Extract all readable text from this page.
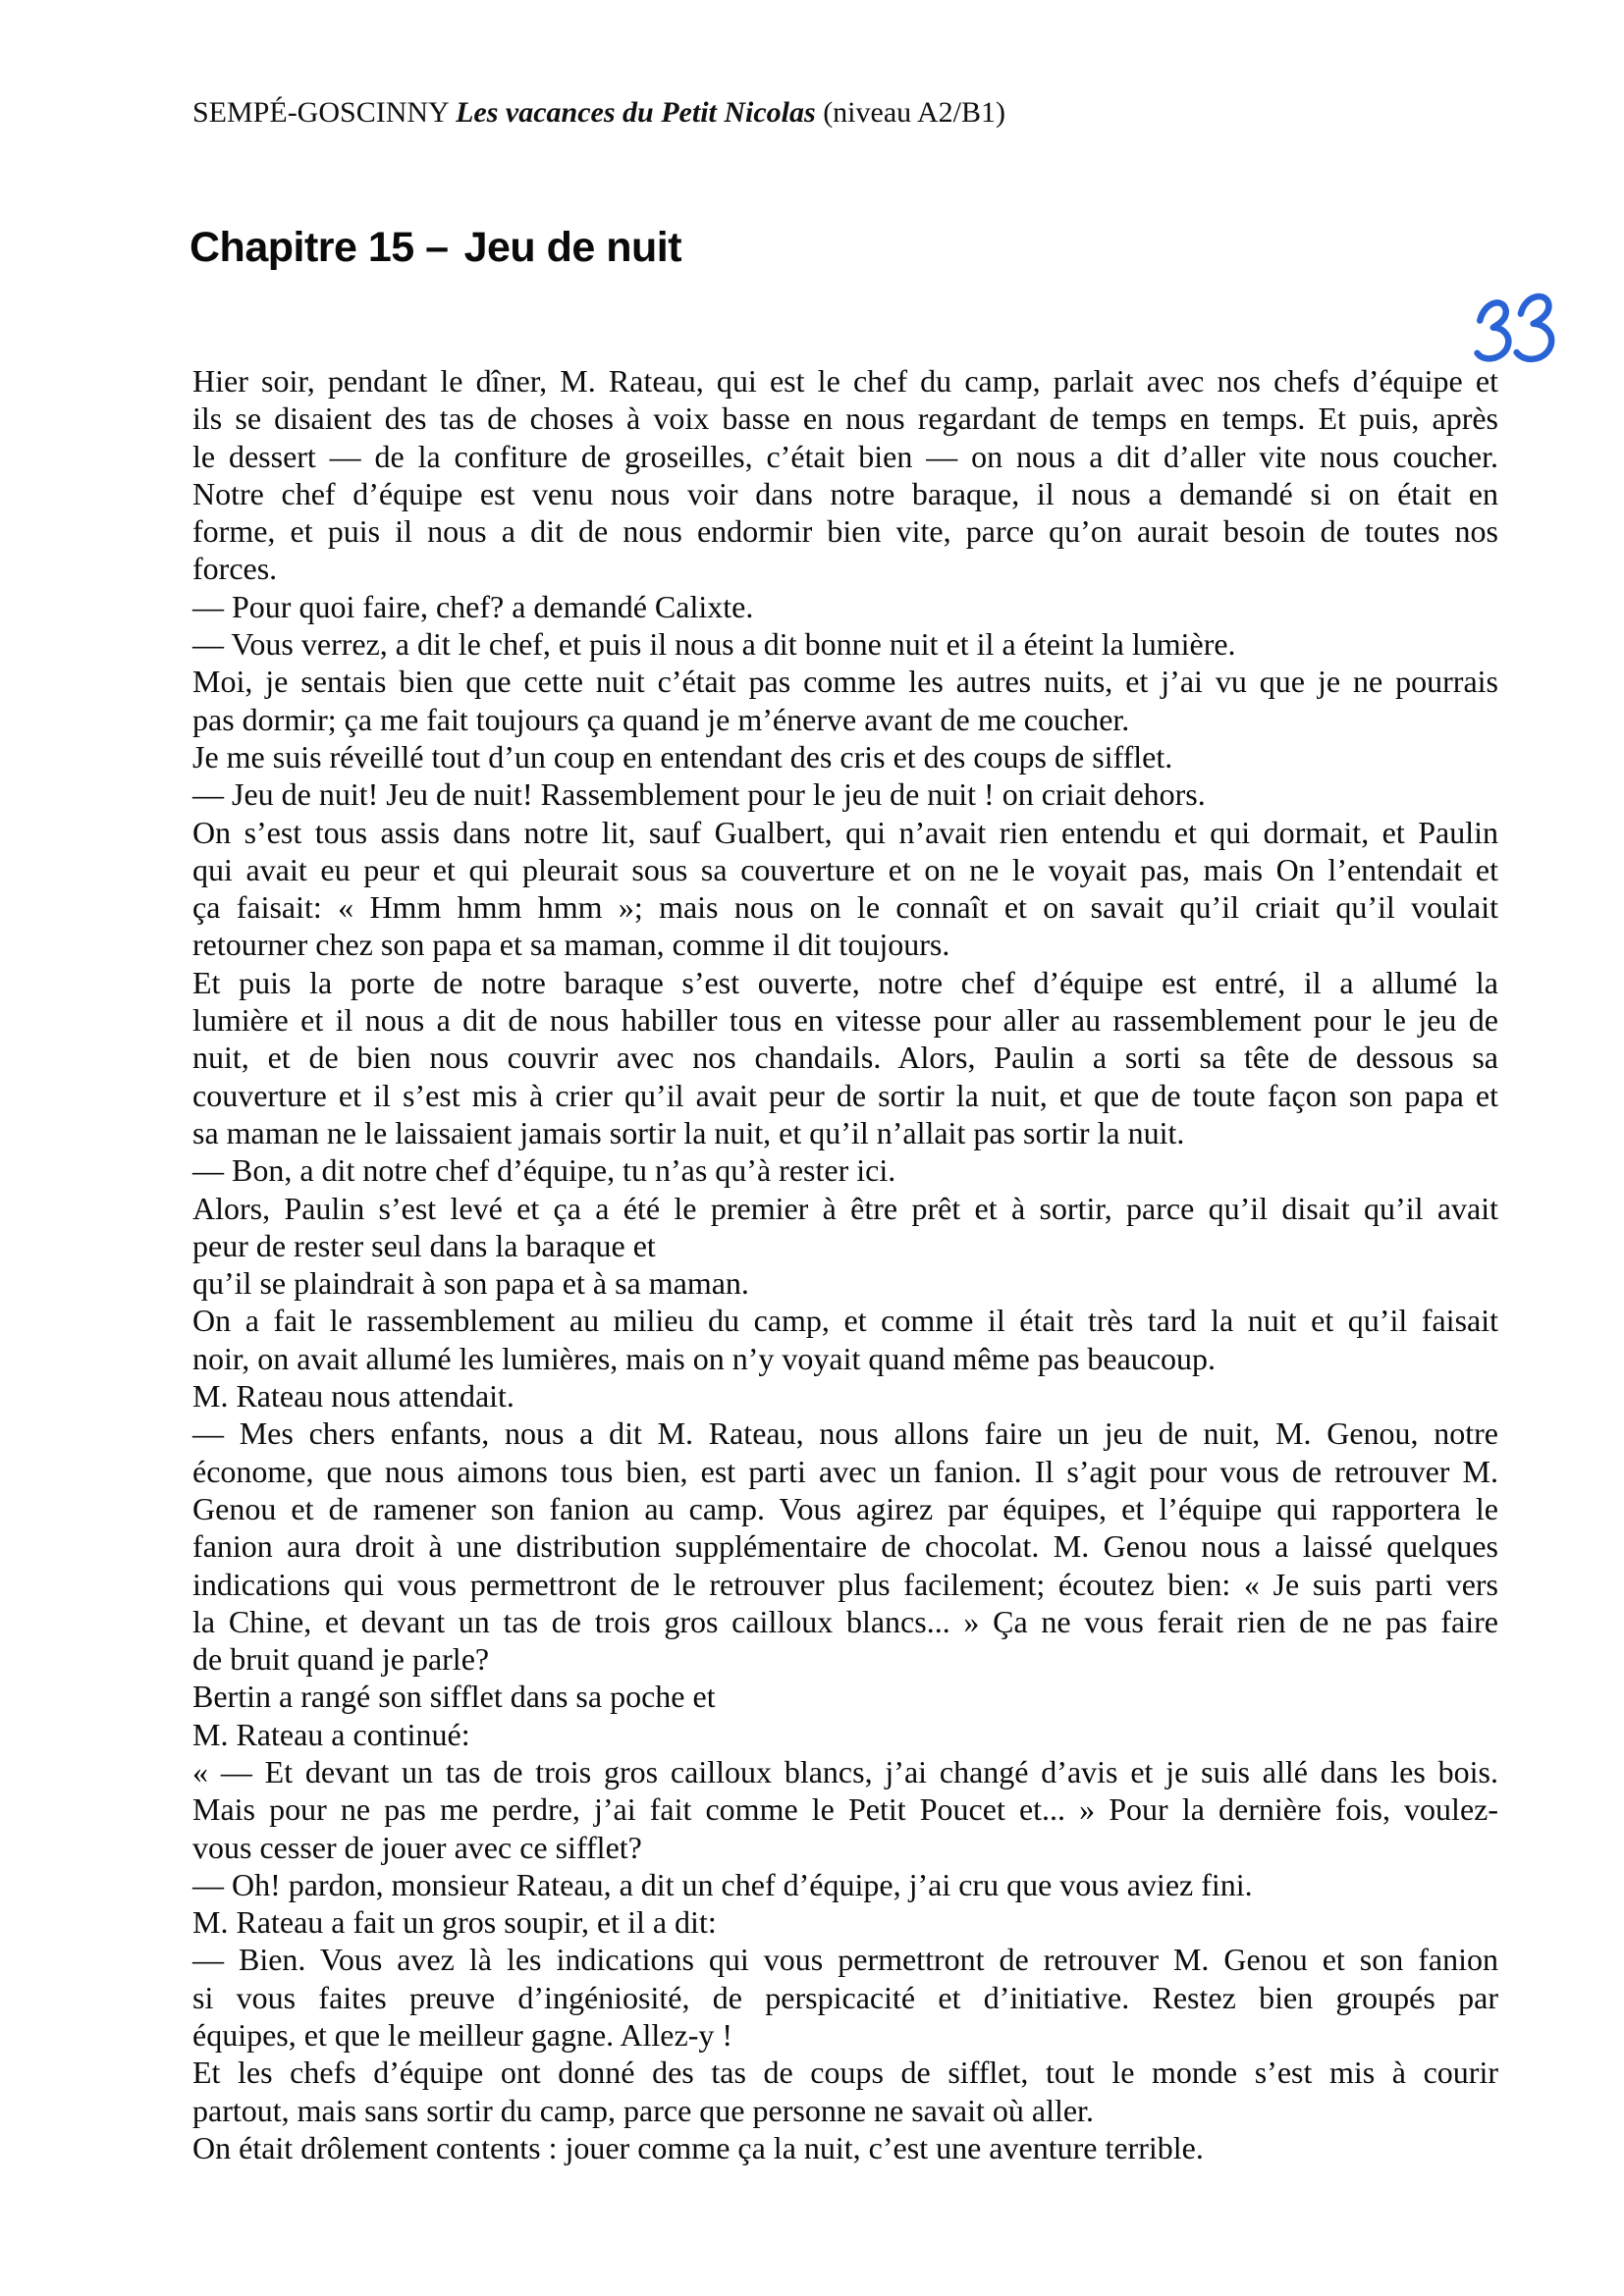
SEMPÉ-GOSCINNY Les vacances du Petit Nicolas (niveau A2/B1)
Chapitre 15 – Jeu de nuit
Hier soir, pendant le dîner, M. Rateau, qui est le chef du camp, parlait avec nos chefs d’équipe et
ils se disaient des tas de choses à voix basse en nous regardant de temps en temps. Et puis, après
le dessert — de la confiture de groseilles, c’était bien — on nous a dit d’aller vite nous coucher.
Notre chef d’équipe est venu nous voir dans notre baraque, il nous a demandé si on était en
forme, et puis il nous a dit de nous endormir bien vite, parce qu’on aurait besoin de toutes nos
forces.
— Pour quoi faire, chef? a demandé Calixte.
— Vous verrez, a dit le chef, et puis il nous a dit bonne nuit et il a éteint la lumière.
Moi, je sentais bien que cette nuit c’était pas comme les autres nuits, et j’ai vu que je ne pourrais
pas dormir; ça me fait toujours ça quand je m’énerve avant de me coucher.
Je me suis réveillé tout d’un coup en entendant des cris et des coups de sifflet.
— Jeu de nuit! Jeu de nuit! Rassemblement pour le jeu de nuit ! on criait dehors.
On s’est tous assis dans notre lit, sauf Gualbert, qui n’avait rien entendu et qui dormait, et Paulin
qui avait eu peur et qui pleurait sous sa couverture et on ne le voyait pas, mais On l’entendait et
ça faisait: « Hmm hmm hmm »; mais nous on le connaît et on savait qu’il criait qu’il voulait
retourner chez son papa et sa maman, comme il dit toujours.
Et puis la porte de notre baraque s’est ouverte, notre chef d’équipe est entré, il a allumé la
lumière et il nous a dit de nous habiller tous en vitesse pour aller au rassemblement pour le jeu de
nuit, et de bien nous couvrir avec nos chandails. Alors, Paulin a sorti sa tête de dessous sa
couverture et il s’est mis à crier qu’il avait peur de sortir la nuit, et que de toute façon son papa et
sa maman ne le laissaient jamais sortir la nuit, et qu’il n’allait pas sortir la nuit.
— Bon, a dit notre chef d’équipe, tu n’as qu’à rester ici.
Alors, Paulin s’est levé et ça a été le premier à être prêt et à sortir, parce qu’il disait qu’il avait
peur de rester seul dans la baraque et
qu’il se plaindrait à son papa et à sa maman.
On a fait le rassemblement au milieu du camp, et comme il était très tard la nuit et qu’il faisait
noir, on avait allumé les lumières, mais on n’y voyait quand même pas beaucoup.
M. Rateau nous attendait.
— Mes chers enfants, nous a dit M. Rateau, nous allons faire un jeu de nuit, M. Genou, notre
économe, que nous aimons tous bien, est parti avec un fanion. Il s’agit pour vous de retrouver M.
Genou et de ramener son fanion au camp. Vous agirez par équipes, et l’équipe qui rapportera le
fanion aura droit à une distribution supplémentaire de chocolat. M. Genou nous a laissé quelques
indications qui vous permettront de le retrouver plus facilement; écoutez bien: « Je suis parti vers
la Chine, et devant un tas de trois gros cailloux blancs... » Ça ne vous ferait rien de ne pas faire
de bruit quand je parle?
Bertin a rangé son sifflet dans sa poche et
M. Rateau a continué:
« — Et devant un tas de trois gros cailloux blancs, j’ai changé d’avis et je suis allé dans les bois.
Mais pour ne pas me perdre, j’ai fait comme le Petit Poucet et... » Pour la dernière fois, voulez-
vous cesser de jouer avec ce sifflet?
— Oh! pardon, monsieur Rateau, a dit un chef d’équipe, j’ai cru que vous aviez fini.
M. Rateau a fait un gros soupir, et il a dit:
— Bien. Vous avez là les indications qui vous permettront de retrouver M. Genou et son fanion
si vous faites preuve d’ingéniosité, de perspicacité et d’initiative. Restez bien groupés par
équipes, et que le meilleur gagne. Allez-y !
Et les chefs d’équipe ont donné des tas de coups de sifflet, tout le monde s’est mis à courir
partout, mais sans sortir du camp, parce que personne ne savait où aller.
On était drôlement contents : jouer comme ça la nuit, c’est une aventure terrible.
